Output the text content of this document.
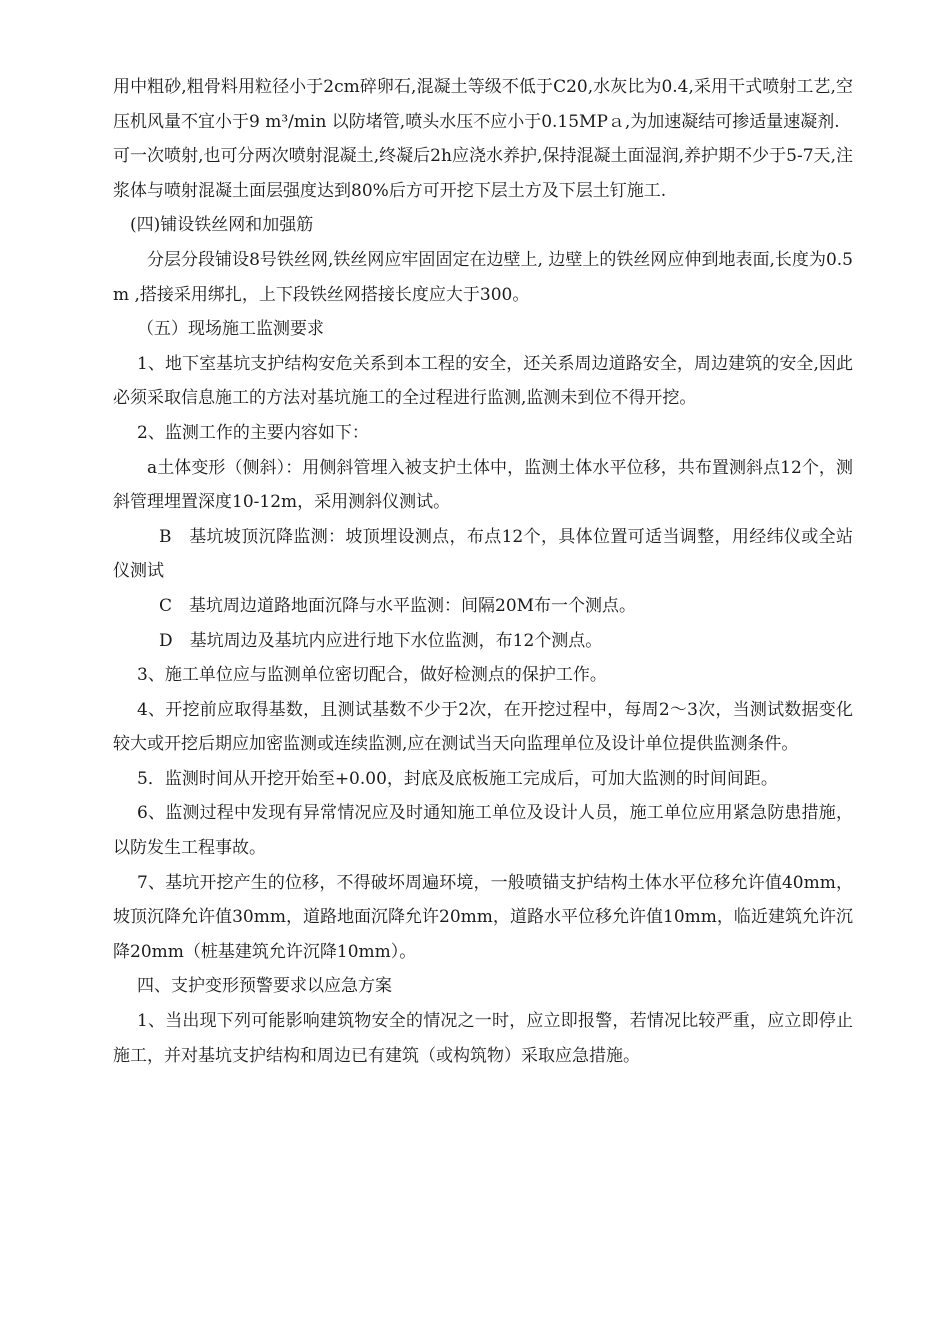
用中粗砂,粗骨料用粒径小于2cm碎卵石,混凝土等级不低于C20,水灰比为0.4,采用干式喷射工艺,空压机风量不宜小于9 m³/min 以防堵管,喷头水压不应小于0.15MPａ,为加速凝结可掺适量速凝剂.

可一次喷射,也可分两次喷射混凝土,终凝后2h应浇水养护,保持混凝土面湿润,养护期不少于5-7天,注浆体与喷射混凝土面层强度达到80%后方可开挖下层土方及下层土钉施工.

(四)铺设铁丝网和加强筋

分层分段铺设8号铁丝网,铁丝网应牢固固定在边壁上, 边壁上的铁丝网应伸到地表面,长度为0.5m ,搭接采用绑扎，上下段铁丝网搭接长度应大于300。

（五）现场施工监测要求

1、地下室基坑支护结构安危关系到本工程的安全，还关系周边道路安全，周边建筑的安全,因此必须采取信息施工的方法对基坑施工的全过程进行监测,监测未到位不得开挖。

2、监测工作的主要内容如下：

a土体变形（侧斜）：用侧斜管埋入被支护土体中，监测土体水平位移，共布置测斜点12个，测斜管理埋置深度10-12m，采用测斜仪测试。

B　基坑坡顶沉降监测：坡顶埋设测点，布点12个，具体位置可适当调整，用经纬仪或全站仪测试

C　基坑周边道路地面沉降与水平监测：间隔20M布一个测点。

D　基坑周边及基坑内应进行地下水位监测，布12个测点。

3、施工单位应与监测单位密切配合，做好检测点的保护工作。

4、开挖前应取得基数，且测试基数不少于2次，在开挖过程中，每周2～3次，当测试数据变化较大或开挖后期应加密监测或连续监测,应在测试当天向监理单位及设计单位提供监测条件。

5．监测时间从开挖开始至+0.00，封底及底板施工完成后，可加大监测的时间间距。

6、监测过程中发现有异常情况应及时通知施工单位及设计人员，施工单位应用紧急防患措施，以防发生工程事故。

7、基坑开挖产生的位移，不得破坏周遍环境，一般喷锚支护结构土体水平位移允许值40mm，坡顶沉降允许值30mm，道路地面沉降允许20mm，道路水平位移允许值10mm，临近建筑允许沉降20mm（桩基建筑允许沉降10mm）。

四、支护变形预警要求以应急方案

1、当出现下列可能影响建筑物安全的情况之一时，应立即报警，若情况比较严重，应立即停止施工，并对基坑支护结构和周边已有建筑（或构筑物）采取应急措施。
